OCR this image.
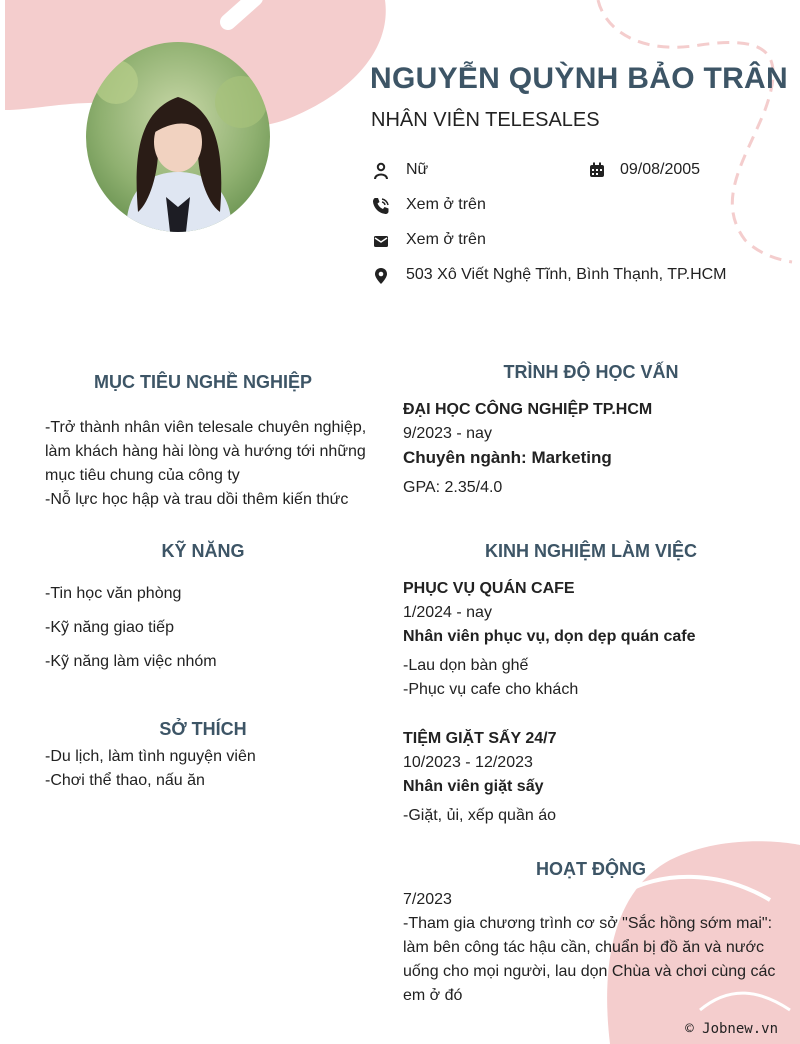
NGUYỄN QUỲNH BẢO TRÂN
NHÂN VIÊN TELESALES
Nữ	09/08/2005
Xem ở trên
Xem ở trên
503 Xô Viết Nghệ Tĩnh, Bình Thạnh, TP.HCM
MỤC TIÊU NGHỀ NGHIỆP
-Trở thành nhân viên telesale chuyên nghiệp,
làm khách hàng hài lòng và hướng tới những
mục tiêu chung của công ty
-Nỗ lực học hập và trau dồi thêm kiến thức
KỸ NĂNG
-Tin học văn phòng
-Kỹ năng giao tiếp
-Kỹ năng làm việc nhóm
SỞ THÍCH
-Du lịch, làm tình nguyện viên
-Chơi thể thao, nấu ăn
TRÌNH ĐỘ HỌC VẤN
ĐẠI HỌC CÔNG NGHIỆP TP.HCM
9/2023 - nay
Chuyên ngành: Marketing
GPA: 2.35/4.0
KINH NGHIỆM LÀM VIỆC
PHỤC VỤ QUÁN CAFE
1/2024 - nay
Nhân viên phục vụ, dọn dẹp quán cafe
-Lau dọn bàn ghế
-Phục vụ cafe cho khách
TIỆM GIẶT SẤY 24/7
10/2023 - 12/2023
Nhân viên giặt sấy
-Giặt, ủi, xếp quần áo
HOẠT ĐỘNG
7/2023
-Tham gia chương trình cơ sở "Sắc hồng sớm mai":
làm bên công tác hậu cần, chuẩn bị đồ ăn và nước
uống cho mọi người, lau dọn Chùa và chơi cùng các
em ở đó
© Jobnew.vn
